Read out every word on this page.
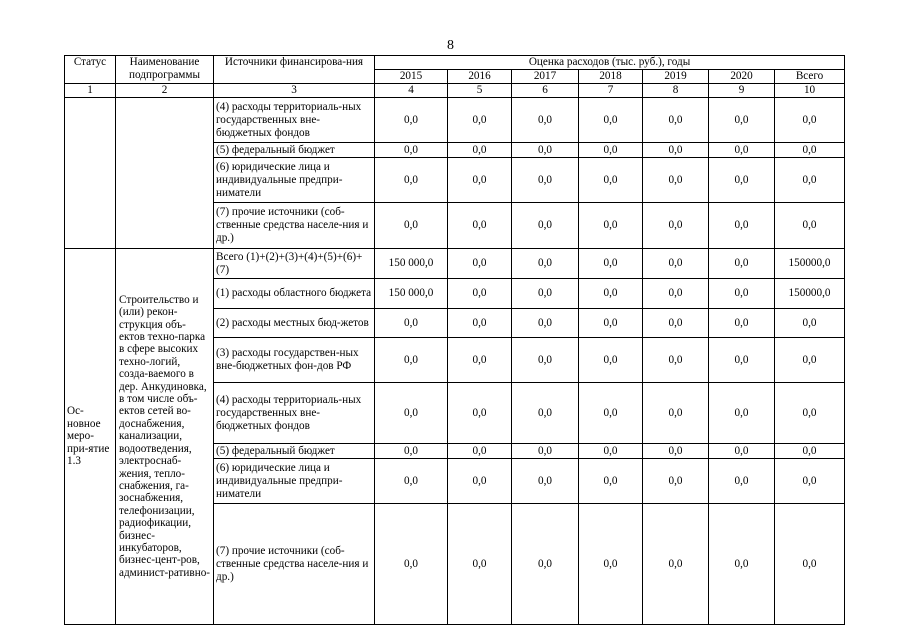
8
Статус	Наименование подпрограммы	Источники финансирова-ния	Оценка расходов (тыс. руб.), годы						
			2015	2016	2017	2018	2019	2020	Всего
1	2	3	4	5	6	7	8	9	10
		(4) расходы территориаль-ных государственных вне-бюджетных фондов	0,0	0,0	0,0	0,0	0,0	0,0	0,0
		(5) федеральный бюджет	0,0	0,0	0,0	0,0	0,0	0,0	0,0
		(6) юридические лица и индивидуальные предпри-ниматели	0,0	0,0	0,0	0,0	0,0	0,0	0,0
		(7) прочие источники (соб-ственные средства населе-ния и др.)	0,0	0,0	0,0	0,0	0,0	0,0	0,0
Ос-новное меро-при-ятие 1.3	Строительство и (или) рекон-струкция объ-ектов техно-парка в сфере высоких техно-логий, созда-ваемого в дер. Анкудиновка, в том числе объ-ектов сетей во-доснабжения, канализации, водоотведения, электроснаб-жения, тепло-снабжения, га-зоснабжения, телефонизации, радиофикации, бизнес-инкубаторов, бизнес-цент-ров, админист-ративно-	Всего (1)+(2)+(3)+(4)+(5)+(6)+(7)	150 000,0	0,0	0,0	0,0	0,0	0,0	150000,0
		(1) расходы областного бюджета	150 000,0	0,0	0,0	0,0	0,0	0,0	150000,0
		(2) расходы местных бюд-жетов	0,0	0,0	0,0	0,0	0,0	0,0	0,0
		(3) расходы государствен-ных вне-бюджетных фон-дов РФ	0,0	0,0	0,0	0,0	0,0	0,0	0,0
		(4) расходы территориаль-ных государственных вне-бюджетных фондов	0,0	0,0	0,0	0,0	0,0	0,0	0,0
		(5) федеральный бюджет	0,0	0,0	0,0	0,0	0,0	0,0	0,0
		(6) юридические лица и индивидуальные предпри-ниматели	0,0	0,0	0,0	0,0	0,0	0,0	0,0
		(7) прочие источники (соб-ственные средства населе-ния и др.)	0,0	0,0	0,0	0,0	0,0	0,0	0,0
